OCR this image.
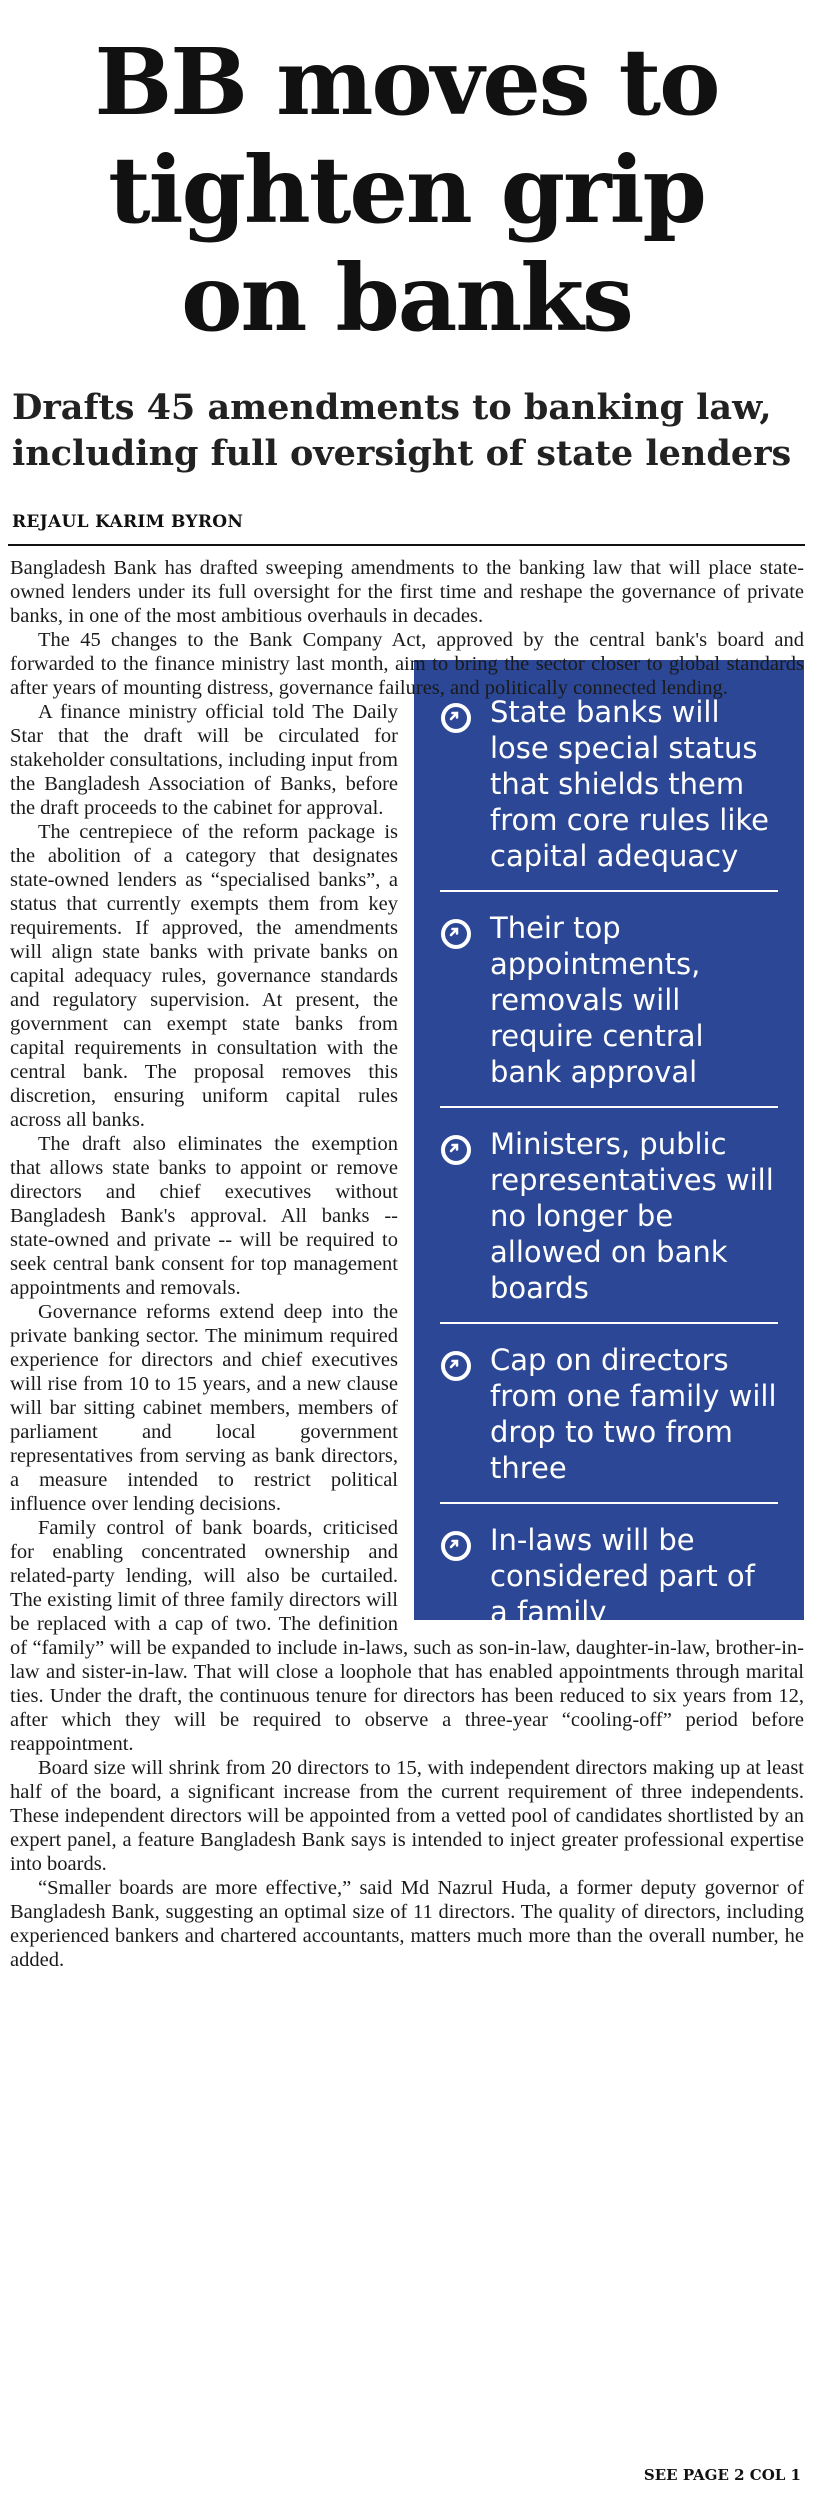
BB moves to
tighten grip
on banks
Drafts 45 amendments to banking law, including full oversight of state lenders
REJAUL KARIM BYRON

Bangladesh Bank has drafted sweeping amendments to the banking law that will place state-owned lenders under its full oversight for the first time and reshape the governance of private banks, in one of the most ambitious overhauls in decades.

The 45 changes to the Bank Company Act, approved by the central bank's board and forwarded to the finance ministry last month, aim to bring the sector closer to global standards after years of mounting distress, governance failures, and politically connected lending.

State banks will lose special status that shields them from core rules like capital adequacy
Their top appointments, removals will require central bank approval
Ministers, public representatives will no longer be allowed on bank boards
Cap on directors from one family will drop to two from three
In-laws will be considered part of a family

A finance ministry official told The Daily Star that the draft will be circulated for stakeholder consultations, including input from the Bangladesh Association of Banks, before the draft proceeds to the cabinet for approval.

The centrepiece of the reform package is the abolition of a category that designates state-owned lenders as “specialised banks”, a status that currently exempts them from key requirements. If approved, the amendments will align state banks with private banks on capital adequacy rules, governance standards and regulatory supervision. At present, the government can exempt state banks from capital requirements in consultation with the central bank. The proposal removes this discretion, ensuring uniform capital rules across all banks.

The draft also eliminates the exemption that allows state banks to appoint or remove directors and chief executives without Bangladesh Bank's approval. All banks -- state-owned and private -- will be required to seek central bank consent for top management appointments and removals.

Governance reforms extend deep into the private banking sector. The minimum required experience for directors and chief executives will rise from 10 to 15 years, and a new clause will bar sitting cabinet members, members of parliament and local government representatives from serving as bank directors, a measure intended to restrict political influence over lending decisions.

Family control of bank boards, criticised for enabling concentrated ownership and related-party lending, will also be curtailed. The existing limit of three family directors will be replaced with a cap of two. The definition of “family” will be expanded to include in-laws, such as son-in-law, daughter-in-law, brother-in-law and sister-in-law. That will close a loophole that has enabled appointments through marital ties. Under the draft, the continuous tenure for directors has been reduced to six years from 12, after which they will be required to observe a three-year “cooling-off” period before reappointment.

Board size will shrink from 20 directors to 15, with independent directors making up at least half of the board, a significant increase from the current requirement of three independents. These independent directors will be appointed from a vetted pool of candidates shortlisted by an expert panel, a feature Bangladesh Bank says is intended to inject greater professional expertise into boards.

“Smaller boards are more effective,” said Md Nazrul Huda, a former deputy governor of Bangladesh Bank, suggesting an optimal size of 11 directors. The quality of directors, including experienced bankers and chartered accountants, matters much more than the overall number, he added.

SEE PAGE 2 COL 1
